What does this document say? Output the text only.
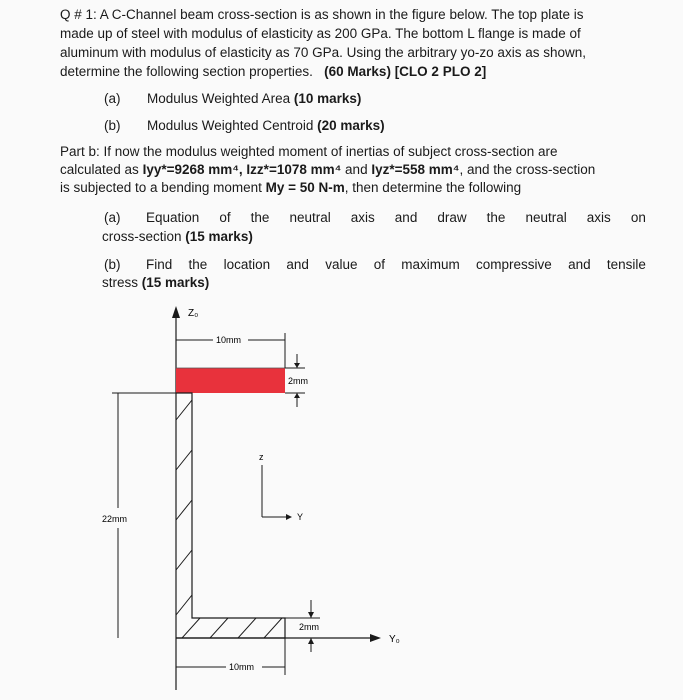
Q # 1: A C-Channel beam cross-section is as shown in the figure below. The top plate is
made up of steel with modulus of elasticity as 200 GPa. The bottom L flange is made of
aluminum with modulus of elasticity as 70 GPa. Using the arbitrary yo-zo axis as shown,
determine the following section properties. (60 Marks) [CLO 2 PLO 2]
(a) Modulus Weighted Area (10 marks)
(b) Modulus Weighted Centroid (20 marks)
Part b: If now the modulus weighted moment of inertias of subject cross-section are
calculated as Iyy*=9268 mm⁴, Izz*=1078 mm⁴ and Iyz*=558 mm⁴, and the cross-section
is subjected to a bending moment My = 50 N-m, then determine the following
(a) Equation of the neutral axis and draw the neutral axis on
cross-section (15 marks)
(b) Find the location and value of maximum compressive and tensile
stress (15 marks)
Z₀
Y₀
10mm
2mm
22mm
z
Y
2mm
10mm
